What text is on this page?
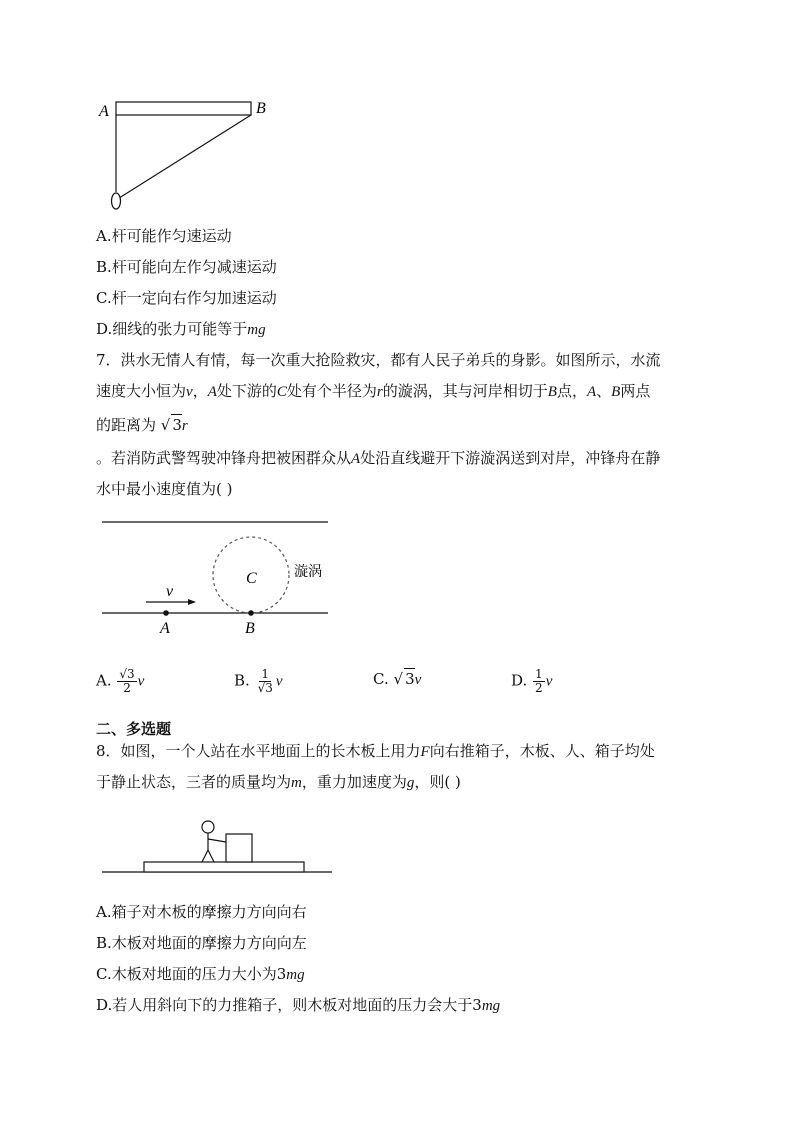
A	B
A.杆可能作匀速运动
B.杆可能向左作匀减速运动
C.杆一定向右作匀加速运动
D.细线的张力可能等于mg
7．洪水无情人有情，每一次重大抢险救灾，都有人民子弟兵的身影。如图所示，水流
速度大小恒为v，A处下游的C处有个半径为r的漩涡，其与河岸相切于B点，A、B两点
的距离为 √ 3r
。若消防武警驾驶冲锋舟把被困群众从A处沿直线避开下游漩涡送到对岸，冲锋舟在静
水中最小速度值为( )
C	漩涡
v
A	B
A. $\frac{√3}{2}$ v	B. $\frac{1}{√3}$ v	C. √ 3v	D. $\frac{1}{2}$ v
二、多选题
8．如图，一个人站在水平地面上的长木板上用力F向右推箱子，木板、人、箱子均处
于静止状态，三者的质量均为m，重力加速度为g，则( )
A.箱子对木板的摩擦力方向向右
B.木板对地面的摩擦力方向向左
C.木板对地面的压力大小为3mg
D.若人用斜向下的力推箱子，则木板对地面的压力会大于3mg
